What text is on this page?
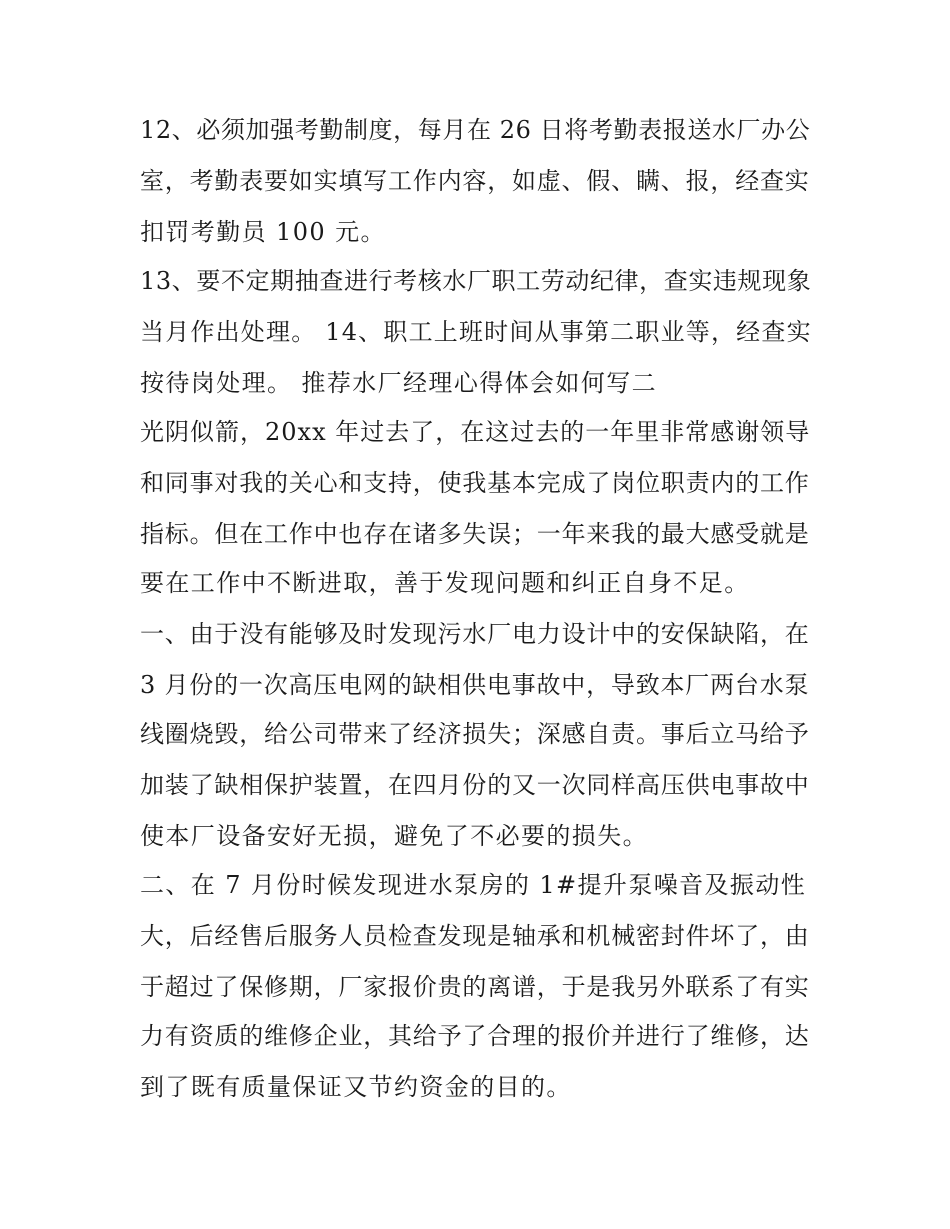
12、必须加强考勤制度，每月在 26 日将考勤表报送水厂办公
室，考勤表要如实填写工作内容，如虚、假、瞒、报，经查实
扣罚考勤员 100 元。
13、要不定期抽查进行考核水厂职工劳动纪律，查实违规现象
当月作出处理。 14、职工上班时间从事第二职业等，经查实
按待岗处理。 推荐水厂经理心得体会如何写二
光阴似箭，20xx 年过去了，在这过去的一年里非常感谢领导
和同事对我的关心和支持，使我基本完成了岗位职责内的工作
指标。但在工作中也存在诸多失误；一年来我的最大感受就是
要在工作中不断进取，善于发现问题和纠正自身不足。
一、由于没有能够及时发现污水厂电力设计中的安保缺陷，在
3 月份的一次高压电网的缺相供电事故中，导致本厂两台水泵
线圈烧毁，给公司带来了经济损失；深感自责。事后立马给予
加装了缺相保护装置，在四月份的又一次同样高压供电事故中
使本厂设备安好无损，避免了不必要的损失。
二、在 7 月份时候发现进水泵房的 1#提升泵噪音及振动性
大，后经售后服务人员检查发现是轴承和机械密封件坏了，由
于超过了保修期，厂家报价贵的离谱，于是我另外联系了有实
力有资质的维修企业，其给予了合理的报价并进行了维修，达
到了既有质量保证又节约资金的目的。
